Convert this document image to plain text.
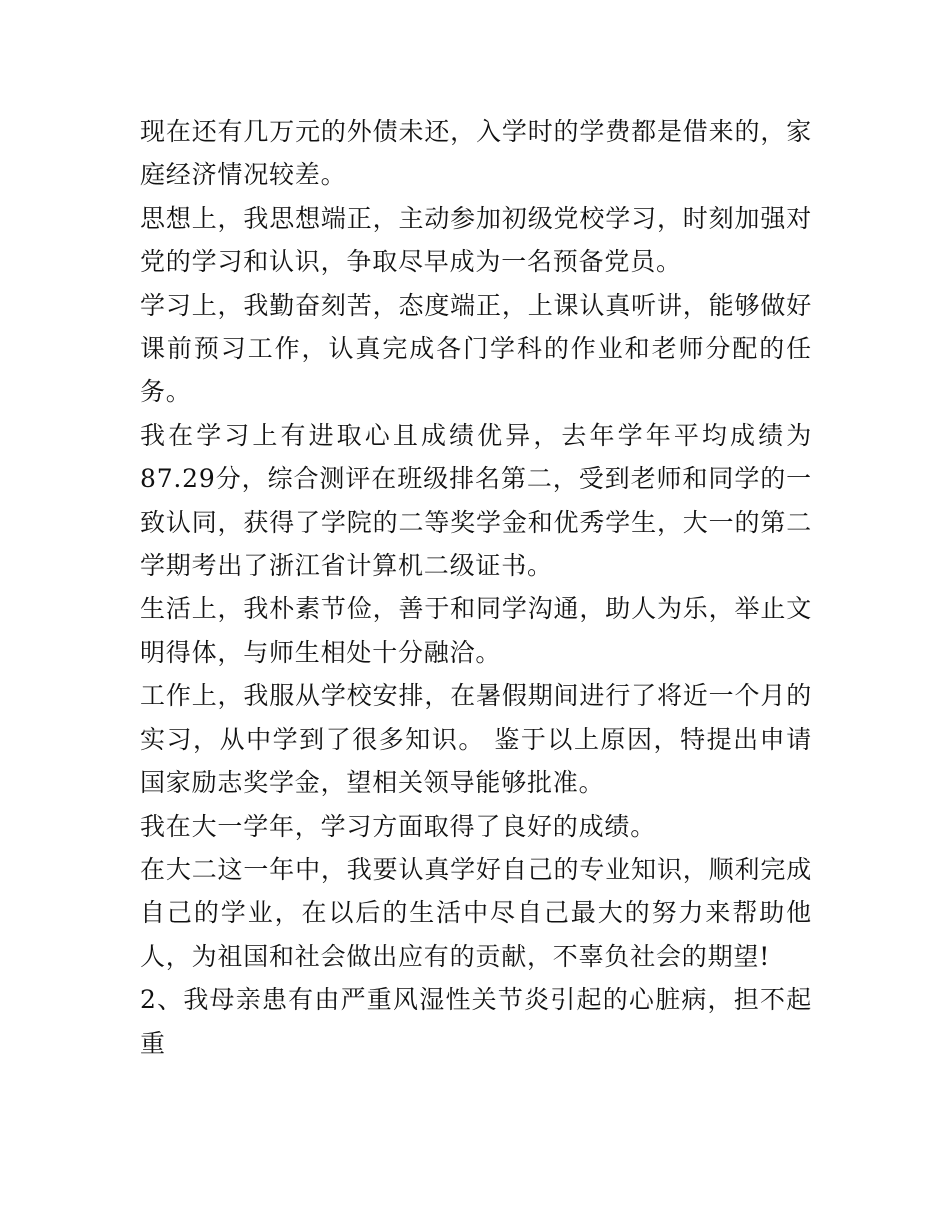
现在还有几万元的外债未还，入学时的学费都是借来的，家庭经济情况较差。

思想上，我思想端正，主动参加初级党校学习，时刻加强对党的学习和认识，争取尽早成为一名预备党员。

学习上，我勤奋刻苦，态度端正，上课认真听讲，能够做好课前预习工作，认真完成各门学科的作业和老师分配的任务。

我在学习上有进取心且成绩优异，去年学年平均成绩为87.29分，综合测评在班级排名第二，受到老师和同学的一致认同，获得了学院的二等奖学金和优秀学生，大一的第二学期考出了浙江省计算机二级证书。

生活上，我朴素节俭，善于和同学沟通，助人为乐，举止文明得体，与师生相处十分融洽。

工作上，我服从学校安排，在暑假期间进行了将近一个月的实习，从中学到了很多知识。 鉴于以上原因，特提出申请国家励志奖学金，望相关领导能够批准。

我在大一学年，学习方面取得了良好的成绩。

在大二这一年中，我要认真学好自己的专业知识，顺利完成自己的学业，在以后的生活中尽自己最大的努力来帮助他人，为祖国和社会做出应有的贡献，不辜负社会的期望!

2、我母亲患有由严重风湿性关节炎引起的心脏病，担不起重
